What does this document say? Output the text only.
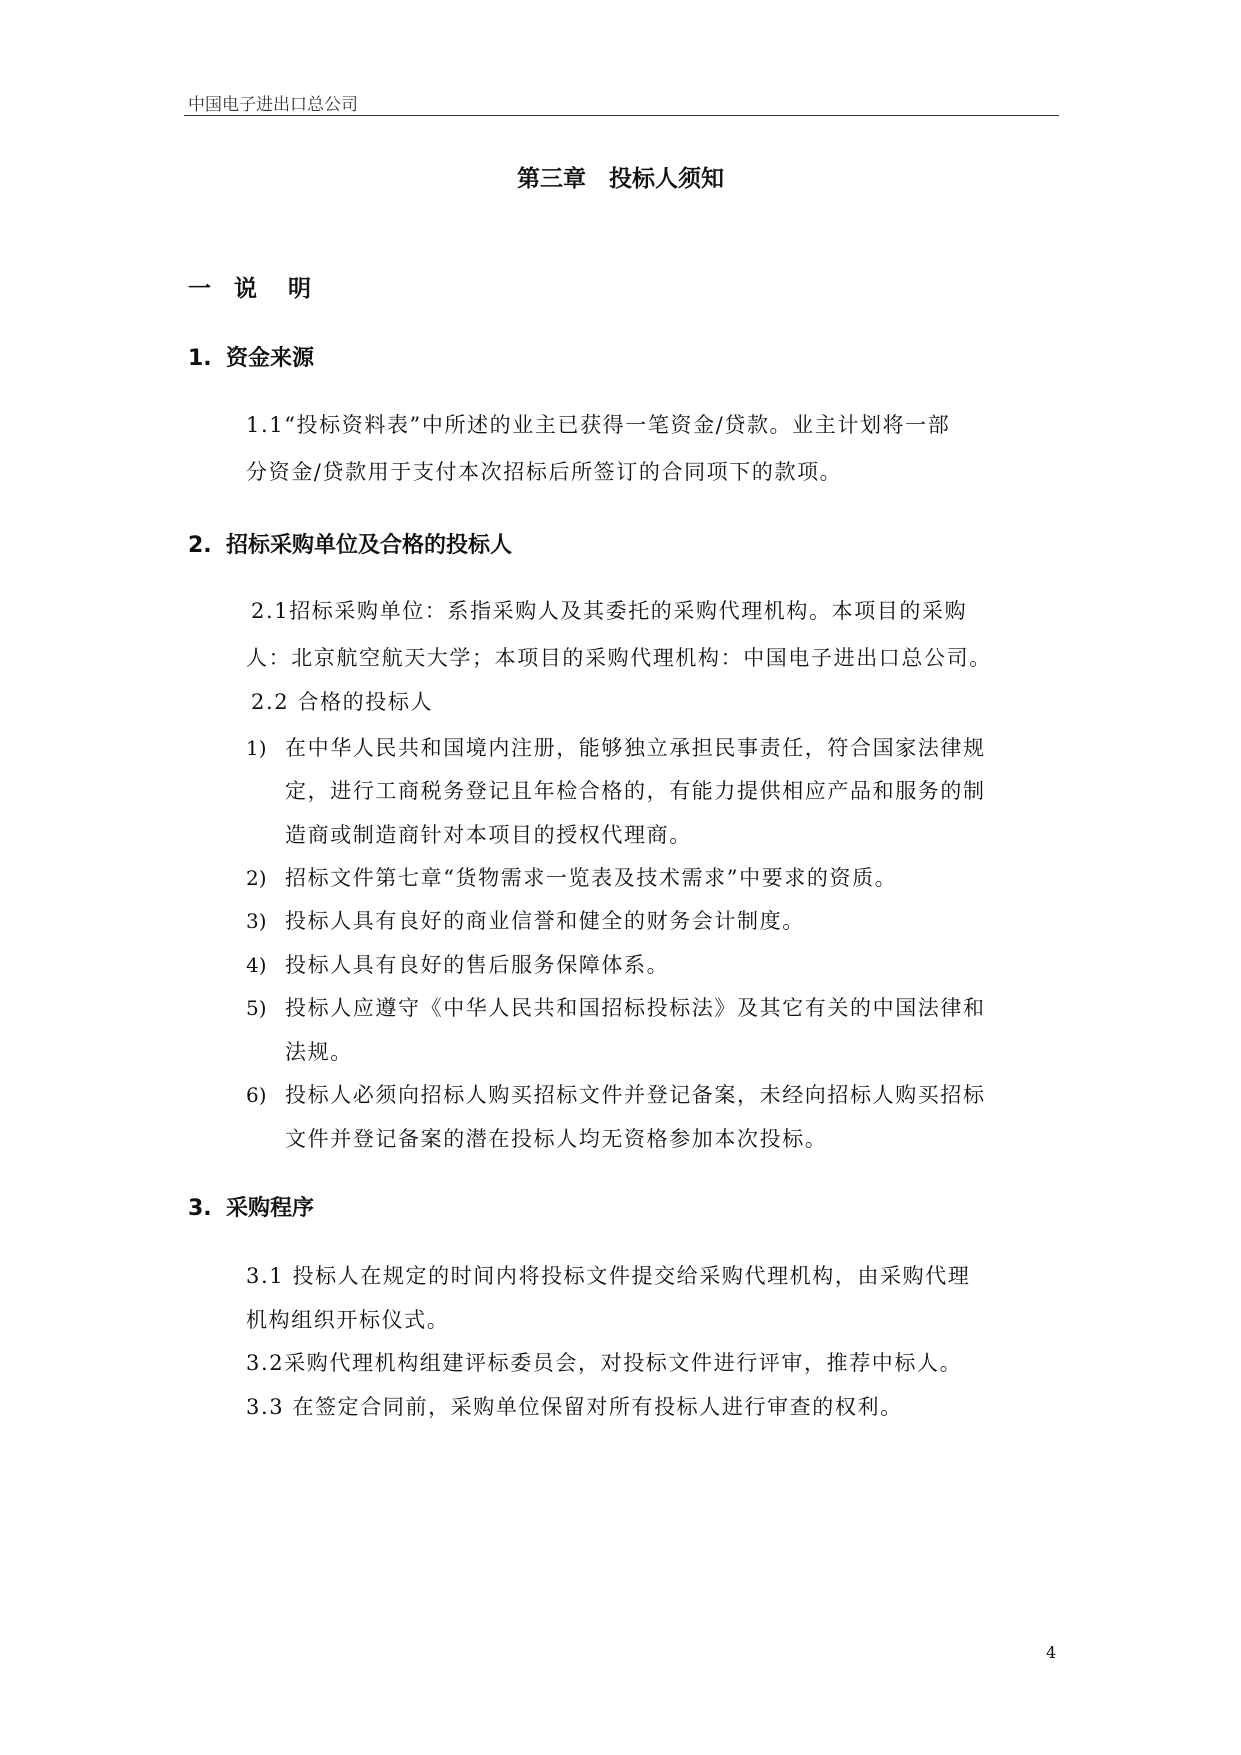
中国电子进出口总公司
第三章　投标人须知
一　说　 明
1. 资金来源
1.1“投标资料表”中所述的业主已获得一笔资金/贷款。业主计划将一部
分资金/贷款用于支付本次招标后所签订的合同项下的款项。
2. 招标采购单位及合格的投标人
2.1招标采购单位：系指采购人及其委托的采购代理机构。本项目的采购
人：北京航空航天大学；本项目的采购代理机构：中国电子进出口总公司。
2.2 合格的投标人
1) 在中华人民共和国境内注册，能够独立承担民事责任，符合国家法律规
定，进行工商税务登记且年检合格的，有能力提供相应产品和服务的制
造商或制造商针对本项目的授权代理商。
2) 招标文件第七章“货物需求一览表及技术需求”中要求的资质。
3) 投标人具有良好的商业信誉和健全的财务会计制度。
4) 投标人具有良好的售后服务保障体系。
5) 投标人应遵守《中华人民共和国招标投标法》及其它有关的中国法律和
法规。
6) 投标人必须向招标人购买招标文件并登记备案，未经向招标人购买招标
文件并登记备案的潜在投标人均无资格参加本次投标。
3. 采购程序
3.1 投标人在规定的时间内将投标文件提交给采购代理机构，由采购代理
机构组织开标仪式。
3.2采购代理机构组建评标委员会，对投标文件进行评审，推荐中标人。
3.3 在签定合同前，采购单位保留对所有投标人进行审查的权利。
4
